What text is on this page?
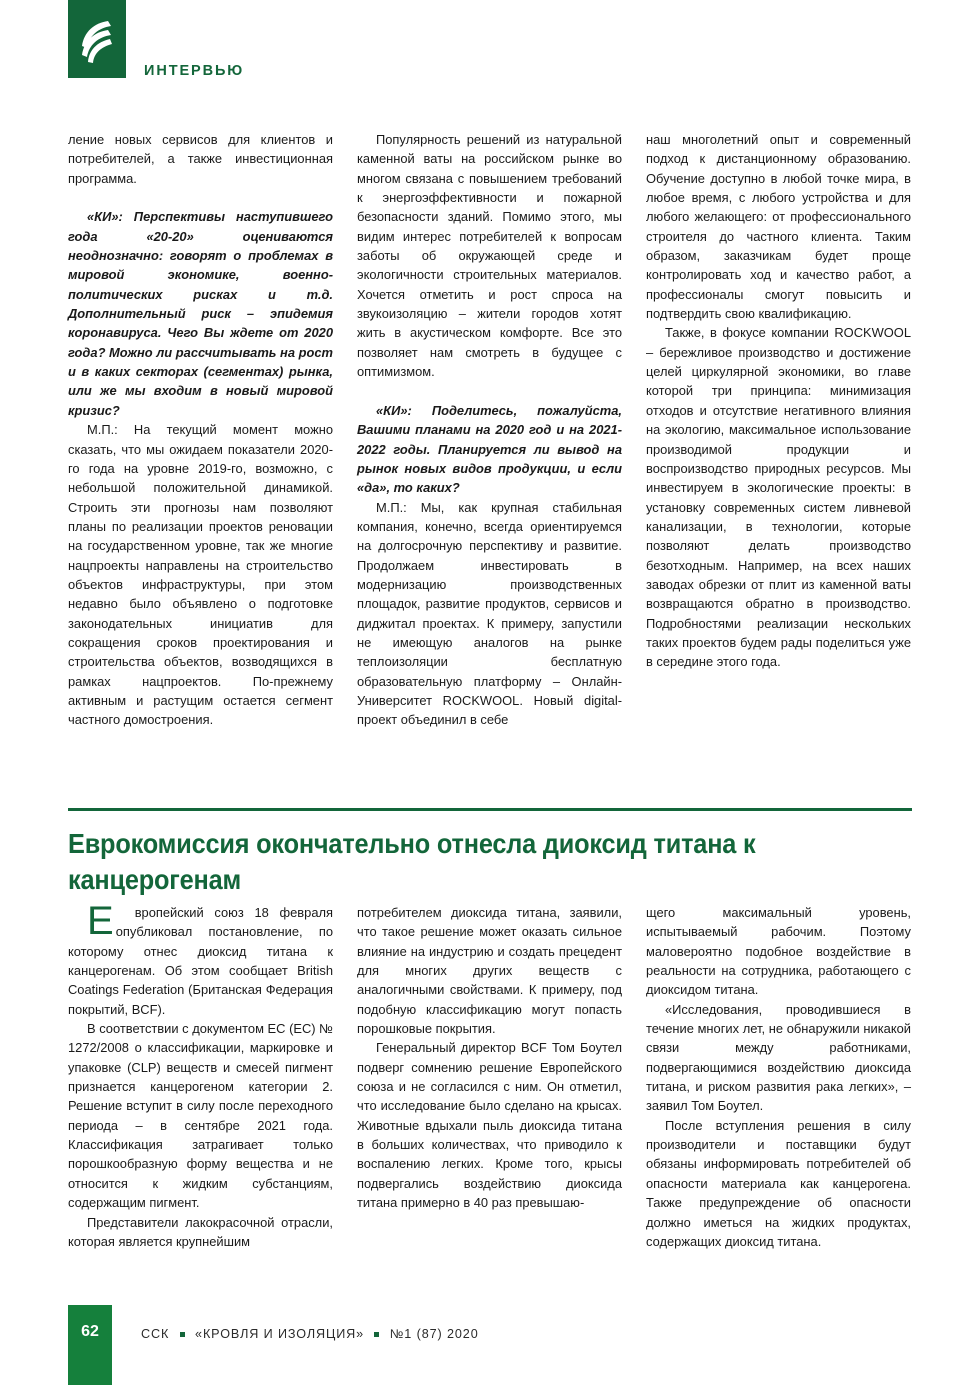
ИНТЕРВЬЮ

ление новых сервисов для клиентов и потребителей, а также инвестиционная программа.

«КИ»: Перспективы наступившего года «20-20» оцениваются неоднозначно: говорят о проблемах в мировой экономике, военно-политических рисках и т.д. Дополнительный риск – эпидемия коронавируса. Чего Вы ждете от 2020 года? Можно ли рассчитывать на рост и в каких секторах (сегментах) рынка, или же мы входим в новый мировой кризис?

М.П.: На текущий момент можно сказать, что мы ожидаем показатели 2020-го года на уровне 2019-го, возможно, с небольшой положительной динамикой. Строить эти прогнозы нам позволяют планы по реализации проектов реновации на государственном уровне, так же многие нацпроекты направлены на строительство объектов инфраструктуры, при этом недавно было объявлено о подготовке законодательных инициатив для сокращения сроков проектирования и строительства объектов, возводящихся в рамках нацпроектов. По-прежнему активным и растущим остается сегмент частного домостроения.

Популярность решений из натуральной каменной ваты на российском рынке во многом связана с повышением требований к энергоэффективности и пожарной безопасности зданий. Помимо этого, мы видим интерес потребителей к вопросам заботы об окружающей среде и экологичности строительных материалов. Хочется отметить и рост спроса на звукоизоляцию – жители городов хотят жить в акустическом комфорте. Все это позволяет нам смотреть в будущее с оптимизмом.

«КИ»: Поделитесь, пожалуйста, Вашими планами на 2020 год и на 2021-2022 годы. Планируется ли вывод на рынок новых видов продукции, и если «да», то каких?

М.П.: Мы, как крупная стабильная компания, конечно, всегда ориентируемся на долгосрочную перспективу и развитие. Продолжаем инвестировать в модернизацию производственных площадок, развитие продуктов, сервисов и диджитал проектах. К примеру, запустили не имеющую аналогов на рынке теплоизоляции бесплатную образовательную платформу – Онлайн-Университет ROCKWOOL. Новый digital-проект объединил в себе

наш многолетний опыт и современный подход к дистанционному образованию. Обучение доступно в любой точке мира, в любое время, с любого устройства и для любого желающего: от профессионального строителя до частного клиента. Таким образом, заказчикам будет проще контролировать ход и качество работ, а профессионалы смогут повысить и подтвердить свою квалификацию.

Также, в фокусе компании ROCKWOOL – бережливое производство и достижение целей циркулярной экономики, во главе которой три принципа: минимизация отходов и отсутствие негативного влияния на экологию, максимальное использование производимой продукции и воспроизводство природных ресурсов. Мы инвестируем в экологические проекты: в установку современных систем ливневой канализации, в технологии, которые позволяют делать производство безотходным. Например, на всех наших заводах обрезки от плит из каменной ваты возвращаются обратно в производство. Подробностями реализации нескольких таких проектов будем рады поделиться уже в середине этого года.

Еврокомиссия окончательно отнесла диоксид титана к канцерогенам

Европейский союз 18 февраля опубликовал постановление, по которому отнес диоксид титана к канцерогенам. Об этом сообщает British Coatings Federation (Британская Федерация покрытий, BCF).

В соответствии с документом ЕС (EC) № 1272/2008 о классификации, маркировке и упаковке (CLP) веществ и смесей пигмент признается канцерогеном категории 2. Решение вступит в силу после переходного периода – в сентябре 2021 года. Классификация затрагивает только порошкообразную форму вещества и не относится к жидким субстанциям, содержащим пигмент.

Представители лакокрасочной отрасли, которая является крупнейшим

потребителем диоксида титана, заявили, что такое решение может оказать сильное влияние на индустрию и создать прецедент для многих других веществ с аналогичными свойствами. К примеру, под подобную классификацию могут попасть порошковые покрытия.

Генеральный директор BCF Том Боутел подверг сомнению решение Европейского союза и не согласился с ним. Он отметил, что исследование было сделано на крысах. Животные вдыхали пыль диоксида титана в больших количествах, что приводило к воспалению легких. Кроме того, крысы подвергались воздействию диоксида титана примерно в 40 раз превышаю-

щего максимальный уровень, испытываемый рабочим. Поэтому маловероятно подобное воздействие в реальности на сотрудника, работающего с диоксидом титана.

«Исследования, проводившиеся в течение многих лет, не обнаружили никакой связи между работниками, подвергающимися воздействию диоксида титана, и риском развития рака легких», – заявил Том Боутел.

После вступления решения в силу производители и поставщики будут обязаны информировать потребителей об опасности материала как канцерогена. Также предупреждение об опасности должно иметься на жидких продуктах, содержащих диоксид титана.

62	ССК «КРОВЛЯ И ИЗОЛЯЦИЯ» №1 (87) 2020
